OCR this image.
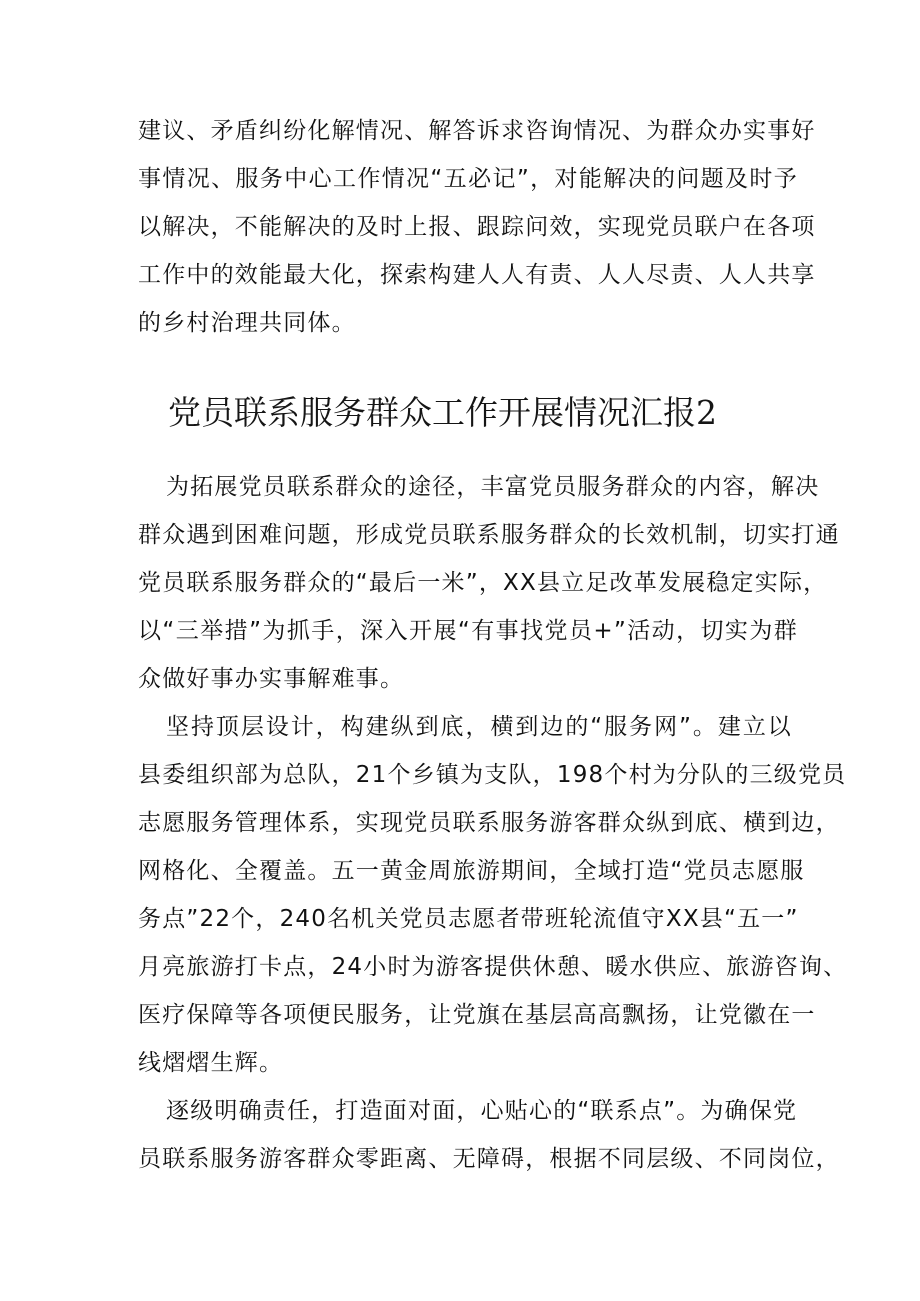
建议、矛盾纠纷化解情况、解答诉求咨询情况、为群众办实事好
事情况、服务中心工作情况“五必记”，对能解决的问题及时予
以解决，不能解决的及时上报、跟踪问效，实现党员联户在各项
工作中的效能最大化，探索构建人人有责、人人尽责、人人共享
的乡村治理共同体。
党员联系服务群众工作开展情况汇报2
为拓展党员联系群众的途径，丰富党员服务群众的内容，解决
群众遇到困难问题，形成党员联系服务群众的长效机制，切实打通
党员联系服务群众的“最后一米”，XX县立足改革发展稳定实际，
以“三举措”为抓手，深入开展“有事找党员+”活动，切实为群
众做好事办实事解难事。
坚持顶层设计，构建纵到底，横到边的“服务网”。建立以
县委组织部为总队，21个乡镇为支队，198个村为分队的三级党员
志愿服务管理体系，实现党员联系服务游客群众纵到底、横到边，
网格化、全覆盖。五一黄金周旅游期间，全域打造“党员志愿服
务点”22个，240名机关党员志愿者带班轮流值守XX县“五一”
月亮旅游打卡点，24小时为游客提供休憩、暖水供应、旅游咨询、
医疗保障等各项便民服务，让党旗在基层高高飘扬，让党徽在一
线熠熠生辉。
逐级明确责任，打造面对面，心贴心的“联系点”。为确保党
员联系服务游客群众零距离、无障碍，根据不同层级、不同岗位，
